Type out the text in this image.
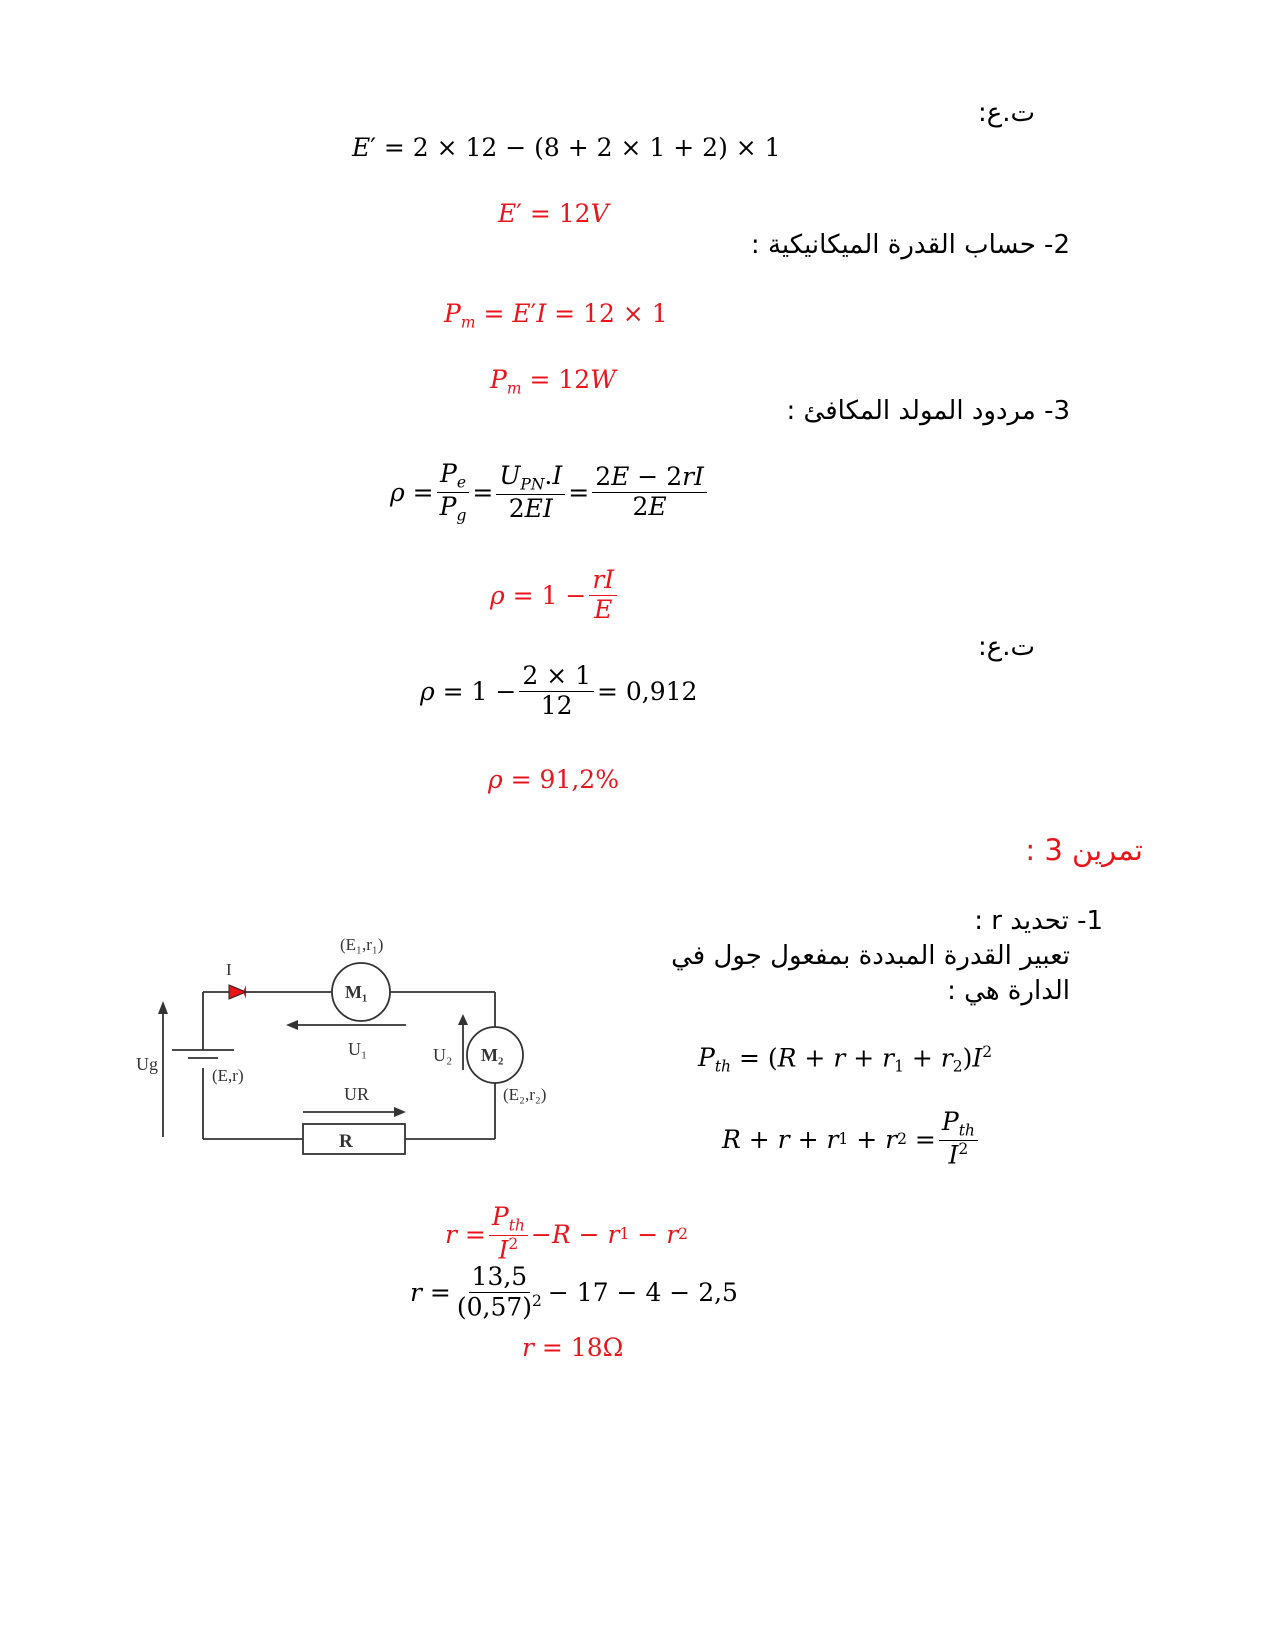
ت.ع:
E′ = 2 × 12 − (8 + 2 × 1 + 2) × 1
E′ = 12V
2- حساب القدرة الميكانيكية :
$P_m = E'I = 12 \times 1$
$P_m = 12W$
3- مردود المولد المكافئ :
$\rho = \frac{P_e}{P_g} = \frac{U_{PN}.I}{2EI} = \frac{2E - 2rI}{2E}$
$\rho = 1 - \frac{rI}{E}$
ت.ع:
$\rho = 1 - \frac{2 \times 1}{12} = 0,912$
ρ = 91,2%
تمرين 3 :
1- تحديد r :
تعبير القدرة المبددة بمفعول جول في
الدارة هي :
$P_{th} = (R + r + r_1 + r_2)I^2$
R + r + r 1 + r $2 = \frac{P_{th}}{I^2}$
$r = \frac{P_{th}}{I^2} - R - r$ 1 − r 2
$r = \frac{13,5}{(0,57)^2} - 17 - 4 - 2,5$
r = 18Ω
(E₁,r₁)
I
M₁
U₁	U₂ M₂
Ug
(E,r)
UR	(E₂,r₂)
R
